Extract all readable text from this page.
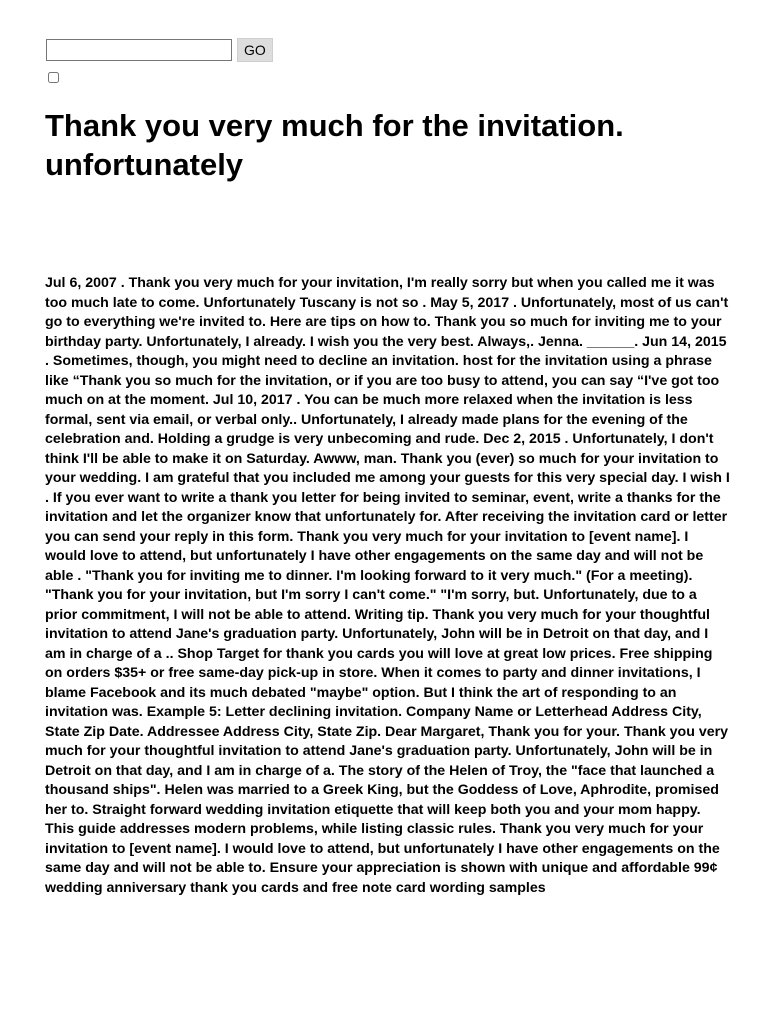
GO
Thank you very much for the invitation. unfortunately

Jul 6, 2007 . Thank you very much for your invitation, I'm really sorry but when you called me it was too much late to come. Unfortunately Tuscany is not so . May 5, 2017 . Unfortunately, most of us can't go to everything we're invited to. Here are tips on how to. Thank you so much for inviting me to your birthday party. Unfortunately, I already. I wish you the very best. Always,. Jenna. ______. Jun 14, 2015 . Sometimes, though, you might need to decline an invitation. host for the invitation using a phrase like “Thank you so much for the invitation, or if you are too busy to attend, you can say “I've got too much on at the moment. Jul 10, 2017 . You can be much more relaxed when the invitation is less formal, sent via email, or verbal only.. Unfortunately, I already made plans for the evening of the celebration and. Holding a grudge is very unbecoming and rude. Dec 2, 2015 . Unfortunately, I don't think I'll be able to make it on Saturday. Awww, man. Thank you (ever) so much for your invitation to your wedding. I am grateful that you included me among your guests for this very special day. I wish I . If you ever want to write a thank you letter for being invited to seminar, event, write a thanks for the invitation and let the organizer know that unfortunately for. After receiving the invitation card or letter you can send your reply in this form. Thank you very much for your invitation to [event name]. I would love to attend, but unfortunately I have other engagements on the same day and will not be able . "Thank you for inviting me to dinner. I'm looking forward to it very much." (For a meeting). "Thank you for your invitation, but I'm sorry I can't come." "I'm sorry, but. Unfortunately, due to a prior commitment, I will not be able to attend. Writing tip. Thank you very much for your thoughtful invitation to attend Jane's graduation party. Unfortunately, John will be in Detroit on that day, and I am in charge of a .. Shop Target for thank you cards you will love at great low prices. Free shipping on orders $35+ or free same-day pick-up in store. When it comes to party and dinner invitations, I blame Facebook and its much debated "maybe" option. But I think the art of responding to an invitation was. Example 5: Letter declining invitation. Company Name or Letterhead Address City, State Zip Date. Addressee Address City, State Zip. Dear Margaret, Thank you for your. Thank you very much for your thoughtful invitation to attend Jane's graduation party. Unfortunately, John will be in Detroit on that day, and I am in charge of a. The story of the Helen of Troy, the "face that launched a thousand ships". Helen was married to a Greek King, but the Goddess of Love, Aphrodite, promised her to. Straight forward wedding invitation etiquette that will keep both you and your mom happy. This guide addresses modern problems, while listing classic rules. Thank you very much for your invitation to [event name]. I would love to attend, but unfortunately I have other engagements on the same day and will not be able to. Ensure your appreciation is shown with unique and affordable 99¢ wedding anniversary thank you cards and free note card wording samples
